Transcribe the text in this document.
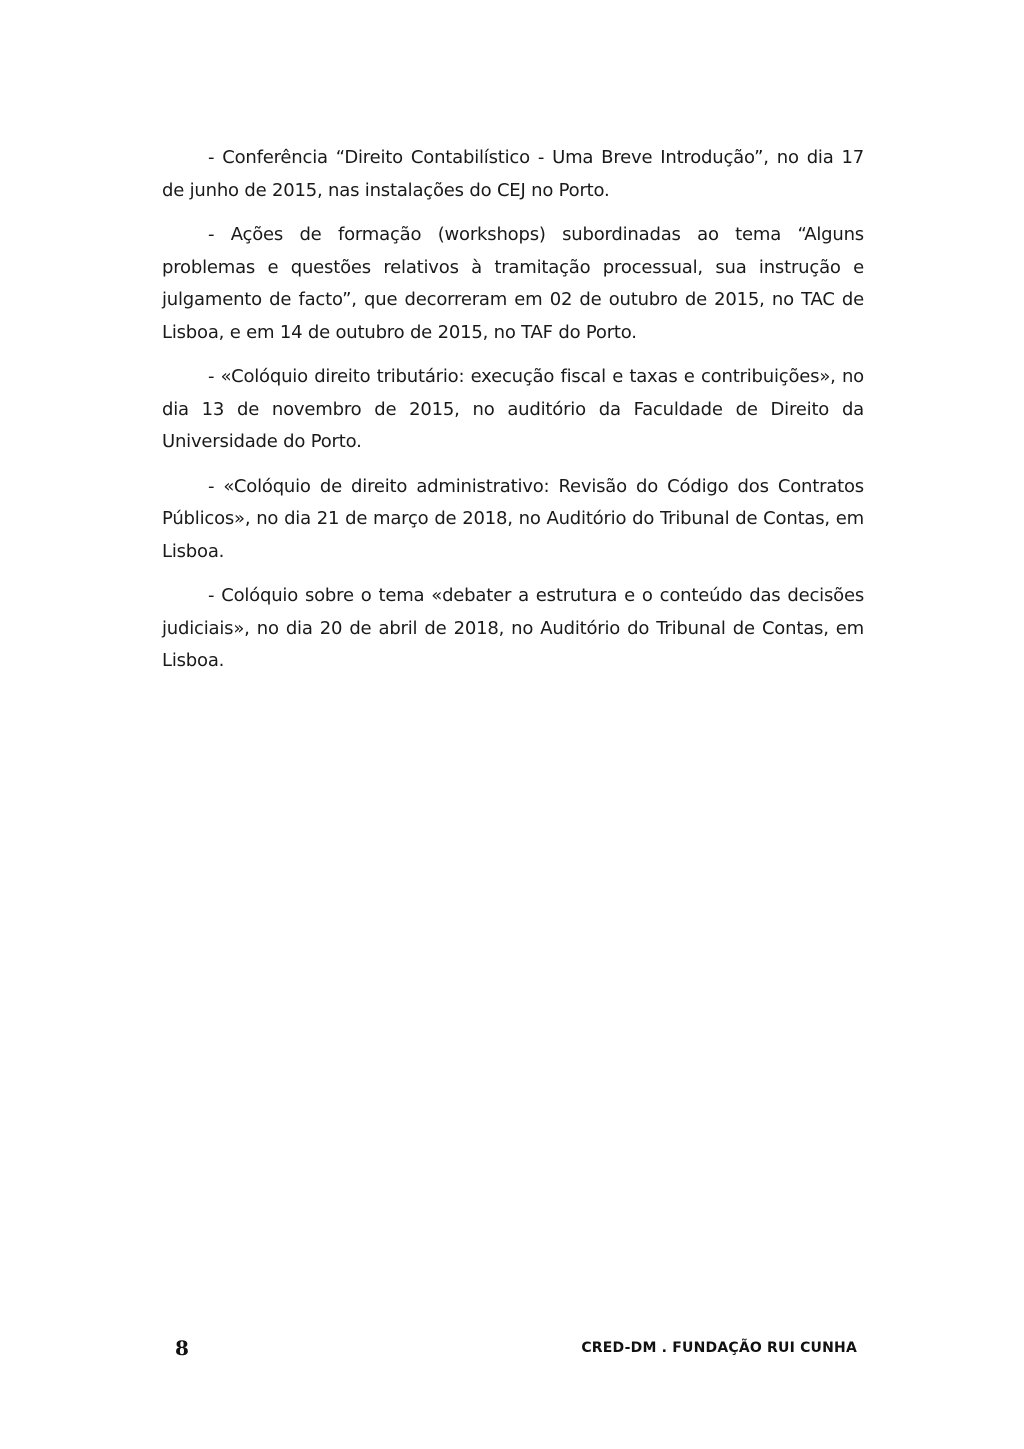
- Conferência “Direito Contabilístico - Uma Breve Introdução”, no dia 17 de junho de 2015, nas instalações do CEJ no Porto.

- Ações de formação (workshops) subordinadas ao tema “Alguns problemas e questões relativos à tramitação processual, sua instrução e julgamento de facto”, que decorreram em 02 de outubro de 2015, no TAC de Lisboa, e em 14 de outubro de 2015, no TAF do Porto.

- «Colóquio direito tributário: execução fiscal e taxas e contribuições», no dia 13 de novembro de 2015, no auditório da Faculdade de Direito da Universidade do Porto.

- «Colóquio de direito administrativo: Revisão do Código dos Contratos Públicos», no dia 21 de março de 2018, no Auditório do Tribunal de Contas, em Lisboa.

- Colóquio sobre o tema «debater a estrutura e o conteúdo das decisões judiciais», no dia 20 de abril de 2018, no Auditório do Tribunal de Contas, em Lisboa.

8	CRED-DM . FUNDAÇÃO RUI CUNHA
